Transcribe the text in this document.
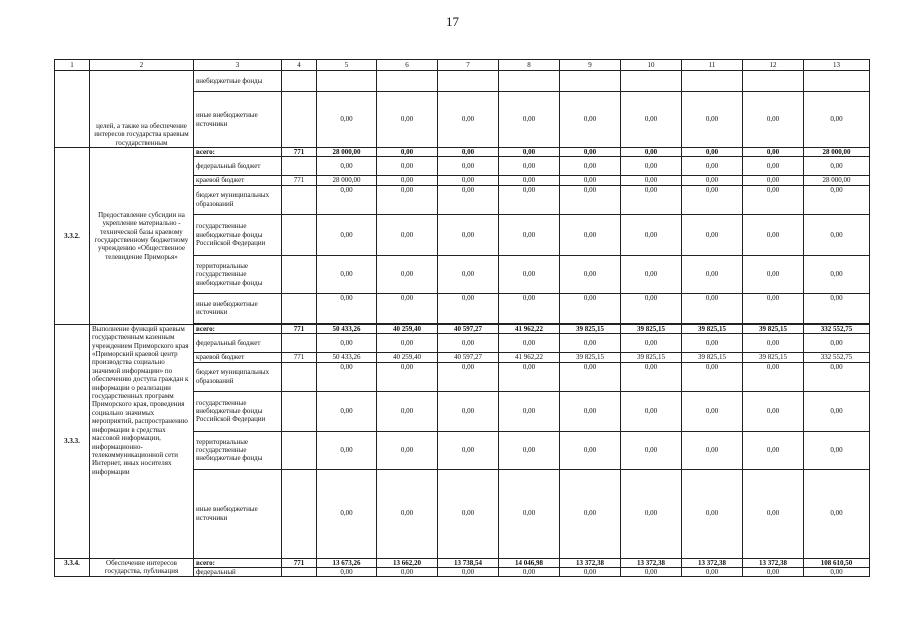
17
1	2	3	4	5	6	7	8	9	10	11	12	13
	целей, а также на обеспечение интересов государства краевым государственным	внебюджетные фонды										
		иные внебюджетные источники		0,00	0,00	0,00	0,00	0,00	0,00	0,00	0,00	0,00
3.3.2.	Предоставление субсидии на укрепление материально - технической базы краевому государственному бюджетному учреждению «Общественное телевидение Приморья»	всего:	771	28 000,00	0,00	0,00	0,00	0,00	0,00	0,00	0,00	28 000,00
		федеральный бюджет		0,00	0,00	0,00	0,00	0,00	0,00	0,00	0,00	0,00
		краевой бюджет	771	28 000,00	0,00	0,00	0,00	0,00	0,00	0,00	0,00	28 000,00
		бюджет муниципальных образований		0,00	0,00	0,00	0,00	0,00	0,00	0,00	0,00	0,00
		государственные внебюджетные фонды Российской Федерации		0,00	0,00	0,00	0,00	0,00	0,00	0,00	0,00	0,00
		территориальные государственные внебюджетные фонды		0,00	0,00	0,00	0,00	0,00	0,00	0,00	0,00	0,00
		иные внебюджетные источники		0,00	0,00	0,00	0,00	0,00	0,00	0,00	0,00	0,00

3.3.3.	Выполнение функций краевым государственным казенным учреждением Приморского края «Приморский краевой центр производства социально значимой информации» по обеспечению доступа граждан к информации о реализации государственных программ Приморского края, проведения социально значимых мероприятий, распространению информации в средствах массовой информации, информационно-телекоммуникационной сети Интернет, иных носителях информации	всего:	771	50 433,26	40 259,40	40 597,27	41 962,22	39 825,15	39 825,15	39 825,15	39 825,15	332 552,75
		федеральный бюджет		0,00	0,00	0,00	0,00	0,00	0,00	0,00	0,00	0,00
		краевой бюджет	771	50 433,26	40 259,40	40 597,27	41 962,22	39 825,15	39 825,15	39 825,15	39 825,15	332 552,75
		бюджет муниципальных образований		0,00	0,00	0,00	0,00	0,00	0,00	0,00	0,00	0,00
		государственные внебюджетные фонды Российской Федерации		0,00	0,00	0,00	0,00	0,00	0,00	0,00	0,00	0,00
		территориальные государственные внебюджетные фонды		0,00	0,00	0,00	0,00	0,00	0,00	0,00	0,00	0,00
		иные внебюджетные источники		0,00	0,00	0,00	0,00	0,00	0,00	0,00	0,00	0,00
3.3.4.	Обеспечение интересов государства, публикация	всего:	771	13 673,26	13 662,20	13 738,54	14 046,98	13 372,38	13 372,38	13 372,38	13 372,38	108 610,50
		федеральный		0,00	0,00	0,00	0,00	0,00	0,00	0,00	0,00	0,00
